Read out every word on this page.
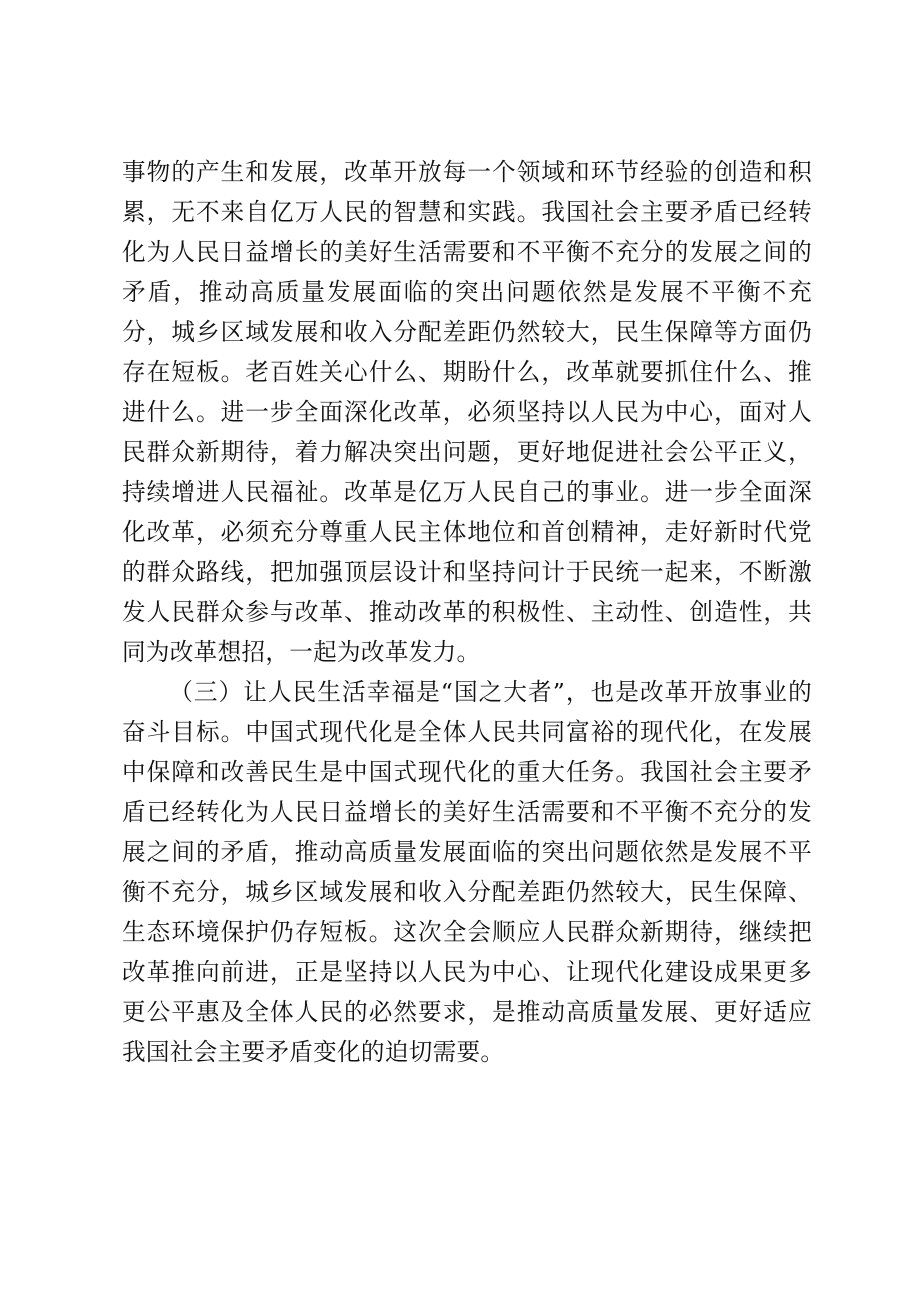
事物的产生和发展，改革开放每一个领域和环节经验的创造和积累，无不来自亿万人民的智慧和实践。我国社会主要矛盾已经转化为人民日益增长的美好生活需要和不平衡不充分的发展之间的矛盾，推动高质量发展面临的突出问题依然是发展不平衡不充分，城乡区域发展和收入分配差距仍然较大，民生保障等方面仍存在短板。老百姓关心什么、期盼什么，改革就要抓住什么、推进什么。进一步全面深化改革，必须坚持以人民为中心，面对人民群众新期待，着力解决突出问题，更好地促进社会公平正义，持续增进人民福祉。改革是亿万人民自己的事业。进一步全面深化改革，必须充分尊重人民主体地位和首创精神，走好新时代党的群众路线，把加强顶层设计和坚持问计于民统一起来，不断激发人民群众参与改革、推动改革的积极性、主动性、创造性，共同为改革想招，一起为改革发力。

（三）让人民生活幸福是“国之大者”，也是改革开放事业的奋斗目标。中国式现代化是全体人民共同富裕的现代化，在发展中保障和改善民生是中国式现代化的重大任务。我国社会主要矛盾已经转化为人民日益增长的美好生活需要和不平衡不充分的发展之间的矛盾，推动高质量发展面临的突出问题依然是发展不平衡不充分，城乡区域发展和收入分配差距仍然较大，民生保障、生态环境保护仍存短板。这次全会顺应人民群众新期待，继续把改革推向前进，正是坚持以人民为中心、让现代化建设成果更多更公平惠及全体人民的必然要求，是推动高质量发展、更好适应我国社会主要矛盾变化的迫切需要。
